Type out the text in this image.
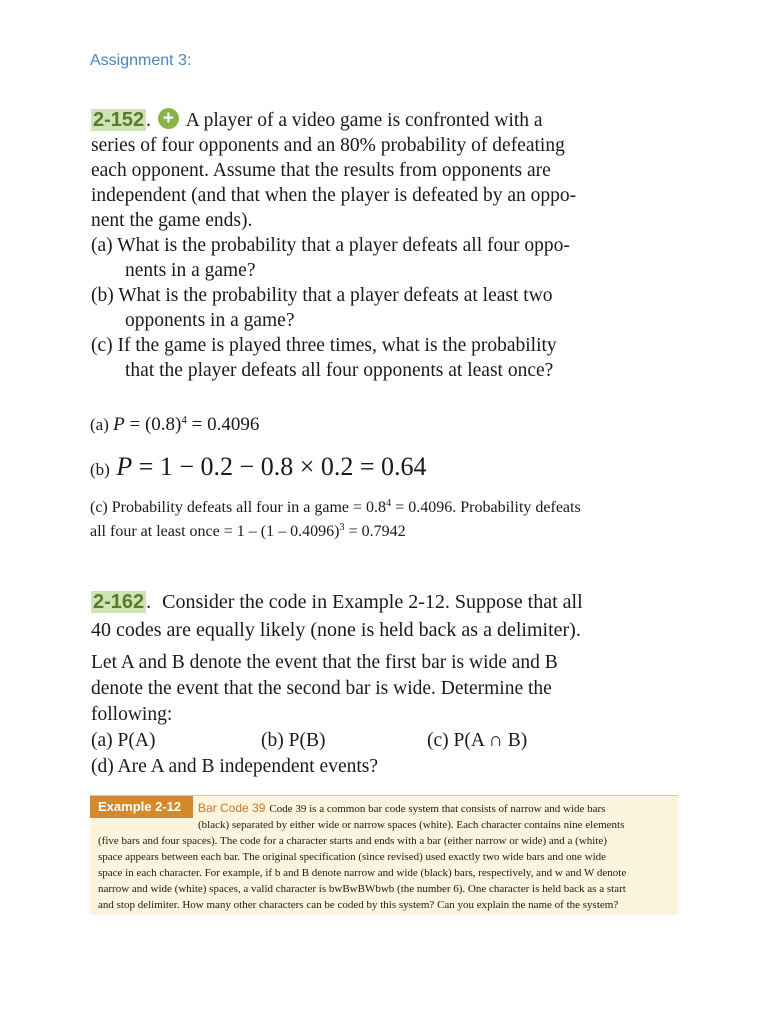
Assignment 3:
2-152 . + A player of a video game is confronted with a
series of four opponents and an 80% probability of defeating
each opponent. Assume that the results from opponents are
independent (and that when the player is defeated by an oppo-
nent the game ends).
(a) What is the probability that a player defeats all four oppo-
nents in a game?
(b) What is the probability that a player defeats at least two
opponents in a game?
(c) If the game is played three times, what is the probability
that the player defeats all four opponents at least once?
(a) $P = (0.8)^4 = 0.4096$
(b) P = 1 − 0.2 − 0.8 × 0.2 = 0.64
(c) Probability defeats all four in a game = $0.8^4 = 0.4096$. Probability defeats
all four at least once = 1 – (1 – 0.4096)$^3$ = 0.7942
2-162 . Consider the code in Example 2-12. Suppose that all
40 codes are equally likely (none is held back as a delimiter).
Let A and B denote the event that the first bar is wide and B
denote the event that the second bar is wide. Determine the
following:
(a) P(A)	(b) P(B)	(c) P(A ∩ B)
(d) Are A and B independent events?
Example 2-12	Bar Code 39 Code 39 is a common bar code system that consists of narrow and wide bars
(black) separated by either wide or narrow spaces (white). Each character contains nine elements
(five bars and four spaces). The code for a character starts and ends with a bar (either narrow or wide) and a (white)
space appears between each bar. The original specification (since revised) used exactly two wide bars and one wide
space in each character. For example, if b and B denote narrow and wide (black) bars, respectively, and w and W denote
narrow and wide (white) spaces, a valid character is bwBwBWbwb (the number 6). One character is held back as a start
and stop delimiter. How many other characters can be coded by this system? Can you explain the name of the system?
